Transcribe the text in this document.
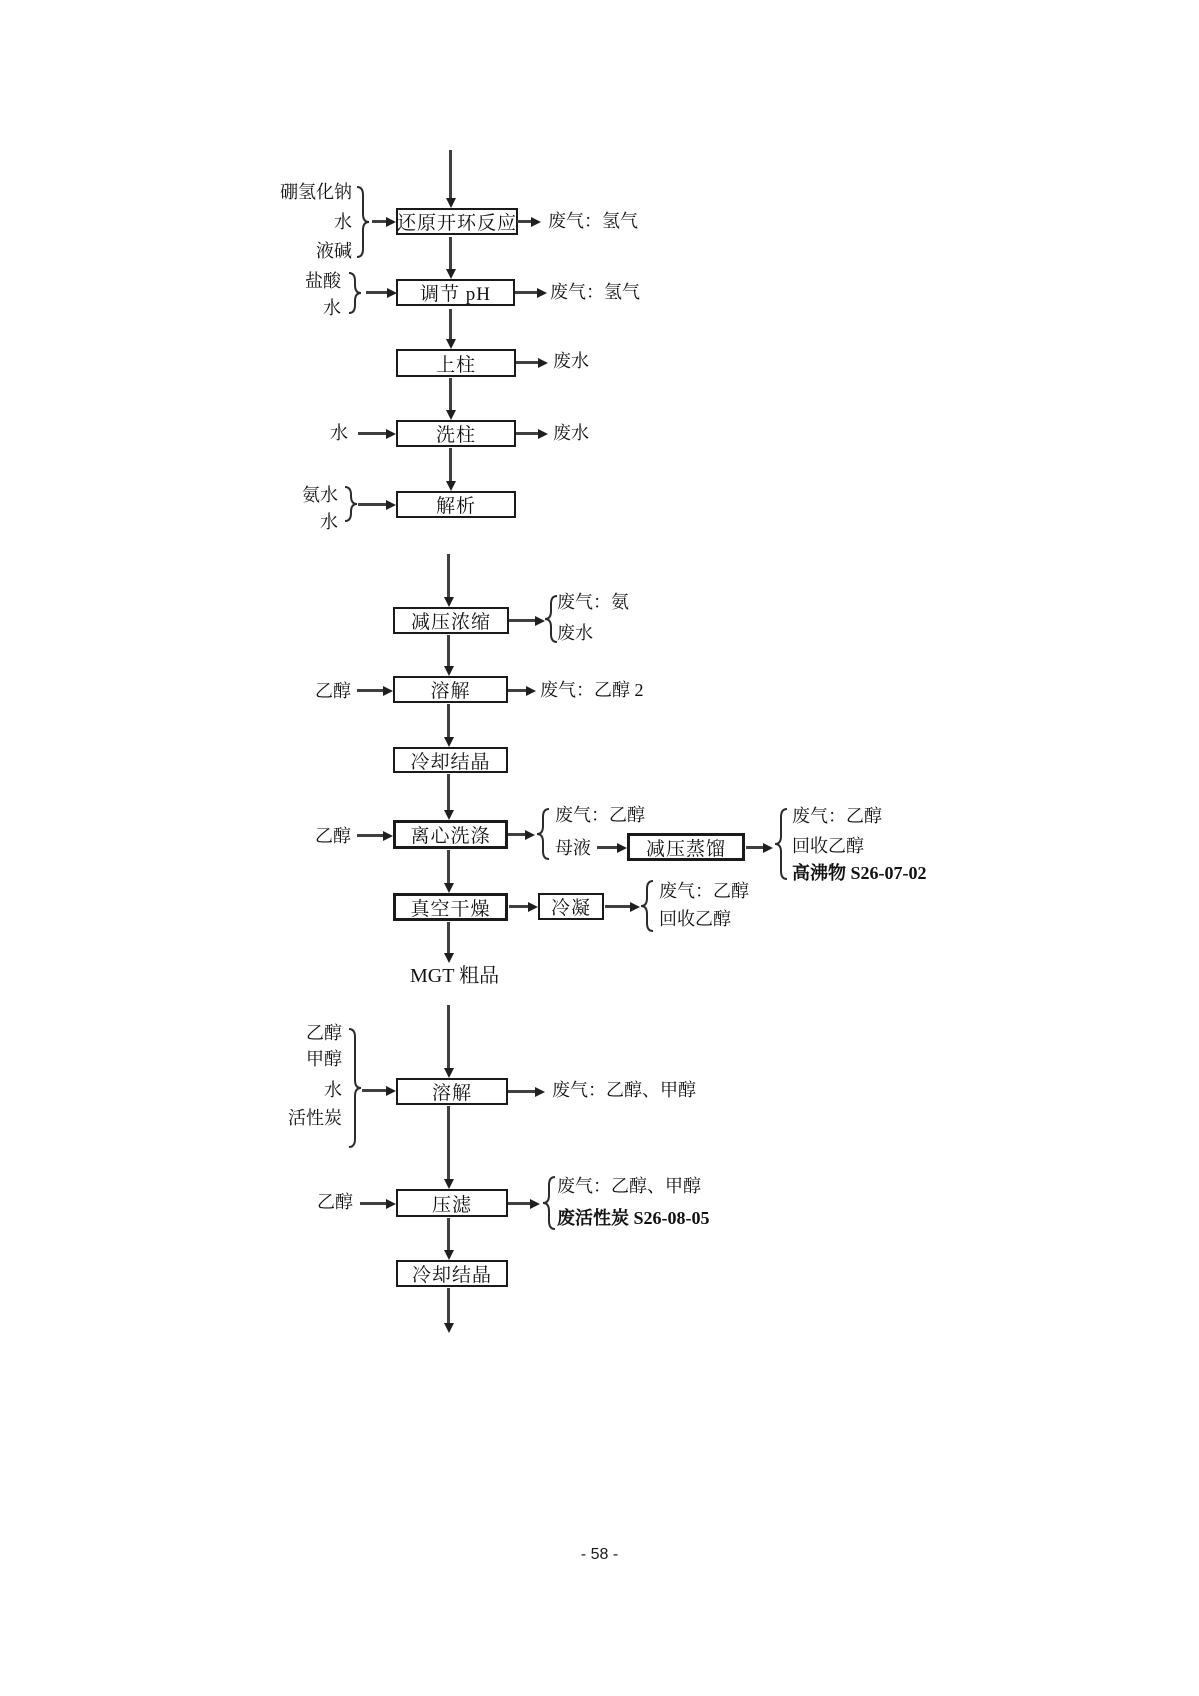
硼氢化钠
水
液碱
还原开环反应 废气：氢气
盐酸
水
调节 pH	废气：氢气
上柱	废水
水	洗柱	废水
氨水
水
解析
减压浓缩
废气：氨
废水
乙醇	溶解	废气：乙醇 2
冷却结晶
乙醇	离心洗涤
废气：乙醇
母液	减压蒸馏
废气：乙醇
回收乙醇
高沸物 S26-07-02
真空干燥	冷凝
废气：乙醇
回收乙醇
MGT 粗品
乙醇
甲醇
水
活性炭
溶解	废气：乙醇、甲醇
乙醇	压滤
废气：乙醇、甲醇
废活性炭 S26-08-05
冷却结晶
- 58 -
